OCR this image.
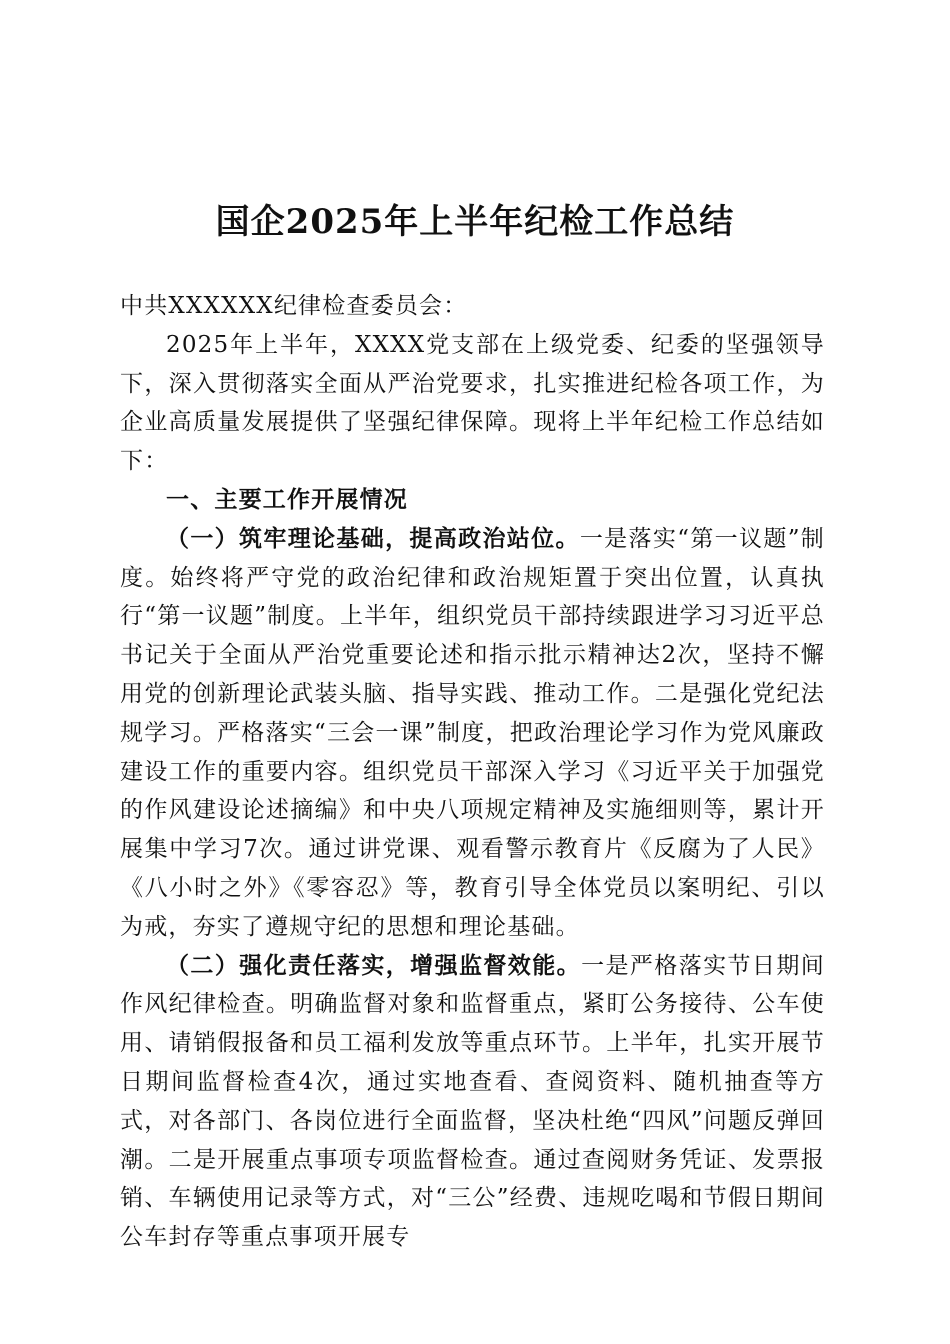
国企2025年上半年纪检工作总结

中共XXXXXX纪律检查委员会：

2025年上半年，XXXX党支部在上级党委、纪委的坚强领导下，深入贯彻落实全面从严治党要求，扎实推进纪检各项工作，为企业高质量发展提供了坚强纪律保障。现将上半年纪检工作总结如下：

一、主要工作开展情况

（一）筑牢理论基础，提高政治站位。一是落实“第一议题”制度。始终将严守党的政治纪律和政治规矩置于突出位置，认真执行“第一议题”制度。上半年，组织党员干部持续跟进学习习近平总书记关于全面从严治党重要论述和指示批示精神达2次，坚持不懈用党的创新理论武装头脑、指导实践、推动工作。二是强化党纪法规学习。严格落实“三会一课”制度，把政治理论学习作为党风廉政建设工作的重要内容。组织党员干部深入学习《习近平关于加强党的作风建设论述摘编》和中央八项规定精神及实施细则等，累计开展集中学习7次。通过讲党课、观看警示教育片《反腐为了人民》《八小时之外》《零容忍》等，教育引导全体党员以案明纪、引以为戒，夯实了遵规守纪的思想和理论基础。

（二）强化责任落实，增强监督效能。一是严格落实节日期间作风纪律检查。明确监督对象和监督重点，紧盯公务接待、公车使用、请销假报备和员工福利发放等重点环节。上半年，扎实开展节日期间监督检查4次，通过实地查看、查阅资料、随机抽查等方式，对各部门、各岗位进行全面监督，坚决杜绝“四风”问题反弹回潮。二是开展重点事项专项监督检查。通过查阅财务凭证、发票报销、车辆使用记录等方式，对“三公”经费、违规吃喝和节假日期间公车封存等重点事项开展专
